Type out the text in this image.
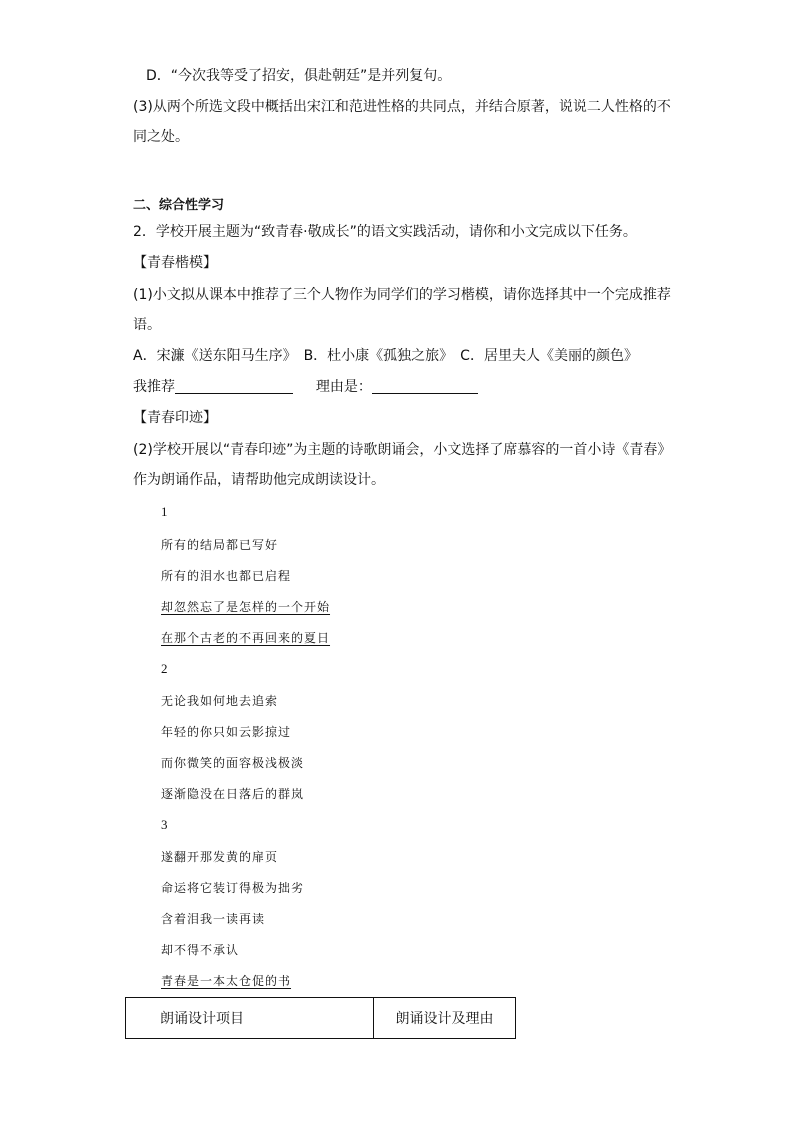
D．“今次我等受了招安，俱赴朝廷”是并列复句。
(3)从两个所选文段中概括出宋江和范进性格的共同点，并结合原著，说说二人性格的不
同之处。
二、综合性学习
2．学校开展主题为“致青春·敬成长”的语文实践活动，请你和小文完成以下任务。
【青春楷模】
(1)小文拟从课本中推荐了三个人物作为同学们的学习楷模，请你选择其中一个完成推荐
语。
A．宋濂《送东阳马生序》　B．杜小康《孤独之旅》　C．居里夫人《美丽的颜色》
我推荐	理由是：
【青春印迹】
(2)学校开展以“青春印迹”为主题的诗歌朗诵会，小文选择了席慕容的一首小诗《青春》
作为朗诵作品，请帮助他完成朗读设计。
1
所有的结局都已写好
所有的泪水也都已启程
却忽然忘了是怎样的一个开始
在那个古老的不再回来的夏日
2
无论我如何地去追索
年轻的你只如云影掠过
而你微笑的面容极浅极淡
逐渐隐没在日落后的群岚
3
遂翻开那发黄的扉页
命运将它装订得极为拙劣
含着泪我一读再读
却不得不承认
青春是一本太仓促的书
朗诵设计项目	朗诵设计及理由
